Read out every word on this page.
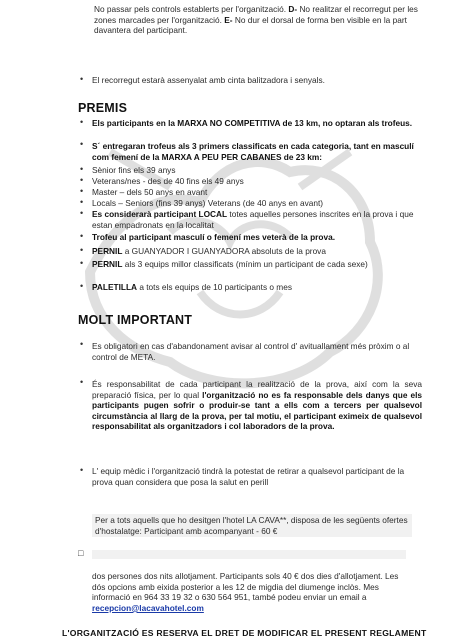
No passar pels controls establerts per l'organització. D- No realitzar el recorregut per les zones marcades per l'organització. E- No dur el dorsal de forma ben visible en la part davantera del participant.

• El recorregut estarà assenyalat amb cinta balitzadora i senyals.

PREMIS
• Els participants en la MARXA NO COMPETITIVA de 13 km, no optaran als trofeus.

• S´ entregaran trofeus als 3 primers classificats en cada categoria, tant en masculí com femení de la MARXA A PEU PER CABANES de 23 km:

• Sènior fins els 39 anys

• Veterans/nes - des de 40 fins els 49 anys

• Master – dels 50 anys en avant

• Locals – Seniors (fins 39 anys) Veterans (de 40 anys en avant)

• Es considerarà participant LOCAL totes aquelles persones inscrites en la prova i que estan empadronats en la localitat

• Trofeu al participant masculí o femení mes veterà de la prova.

• PERNIL a GUANYADOR I GUANYADORA absoluts de la prova

• PERNIL als 3 equips millor classificats (mínim un participant de cada sexe)

• PALETILLA a tots els equips de 10 participants o mes

MOLT IMPORTANT
• Es obligatori en cas d'abandonament avisar al control d' avituallament més pròxim o al control de META.

• És responsabilitat de cada participant la realització de la prova, així com la seva preparació física, per lo qual l'organització no es fa responsable dels danys que els participants pugen sofrir o produir-se tant a ells com a tercers per qualsevol circumstància al llarg de la prova, per tal motiu, el participant eximeix de qualsevol responsabilitat als organitzadors i col laboradors de la prova.

• L' equip mèdic i l'organització tindrà la potestat de retirar a qualsevol participant de la prova quan considera que posa la salut en perill

Per a tots aquells que ho desitgen l'hotel LA CAVA**, disposa de les següents ofertes d'hostalatge: Participant amb acompanyant - 60 €

□

dos persones dos nits allotjament. Participants sols 40 € dos dies d'allotjament. Les dós opcions amb eixida posterior a les 12 de migdia del diumenge inclòs. Mes informació en 964 33 19 32 o 630 564 951, també podeu enviar un email a recepcion@lacavahotel.com

L'ORGANITZACIÓ ES RESERVA EL DRET DE MODIFICAR EL PRESENT REGLAMENT
